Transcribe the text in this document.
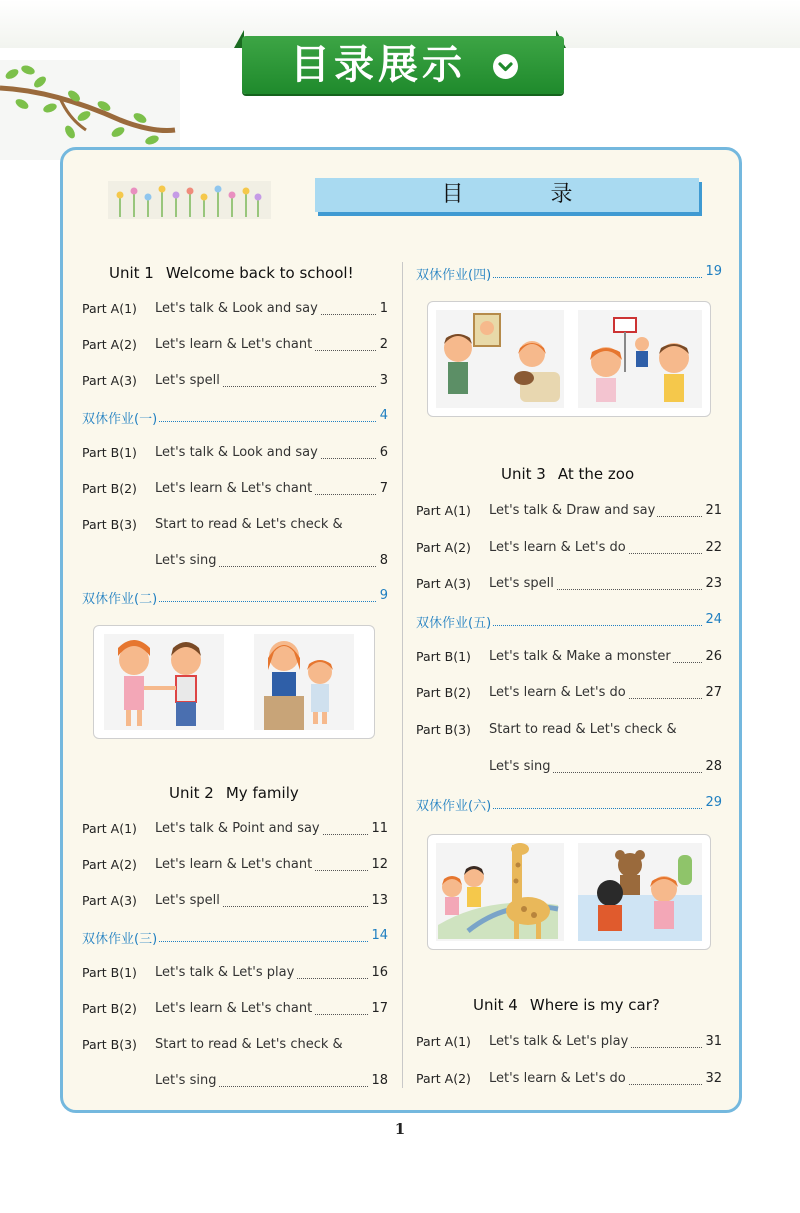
目录展示
目 录
Unit 1 Welcome back to school!
Part A(1)	Let's talk & Look and say	1
Part A(2)	Let's learn & Let's chant	2
Part A(3)	Let's spell	3
双休作业(一)	4
Part B(1)	Let's talk & Look and say	6
Part B(2)	Let's learn & Let's chant	7
Part B(3)	Start to read & Let's check &
Let's sing	8
双休作业(二)	9
Unit 2 My family
Part A(1)	Let's talk & Point and say	11
Part A(2)	Let's learn & Let's chant	12
Part A(3)	Let's spell	13
双休作业(三)	14
Part B(1)	Let's talk & Let's play	16
Part B(2)	Let's learn & Let's chant	17
Part B(3)	Start to read & Let's check &
Let's sing	18
双休作业(四)	19
Unit 3 At the zoo
Part A(1)	Let's talk & Draw and say	21
Part A(2)	Let's learn & Let's do	22
Part A(3)	Let's spell	23
双休作业(五)	24
Part B(1)	Let's talk & Make a monster	26
Part B(2)	Let's learn & Let's do	27
Part B(3)	Start to read & Let's check &
Let's sing	28
双休作业(六)	29
Unit 4 Where is my car?
Part A(1)	Let's talk & Let's play	31
Part A(2)	Let's learn & Let's do	32
1
